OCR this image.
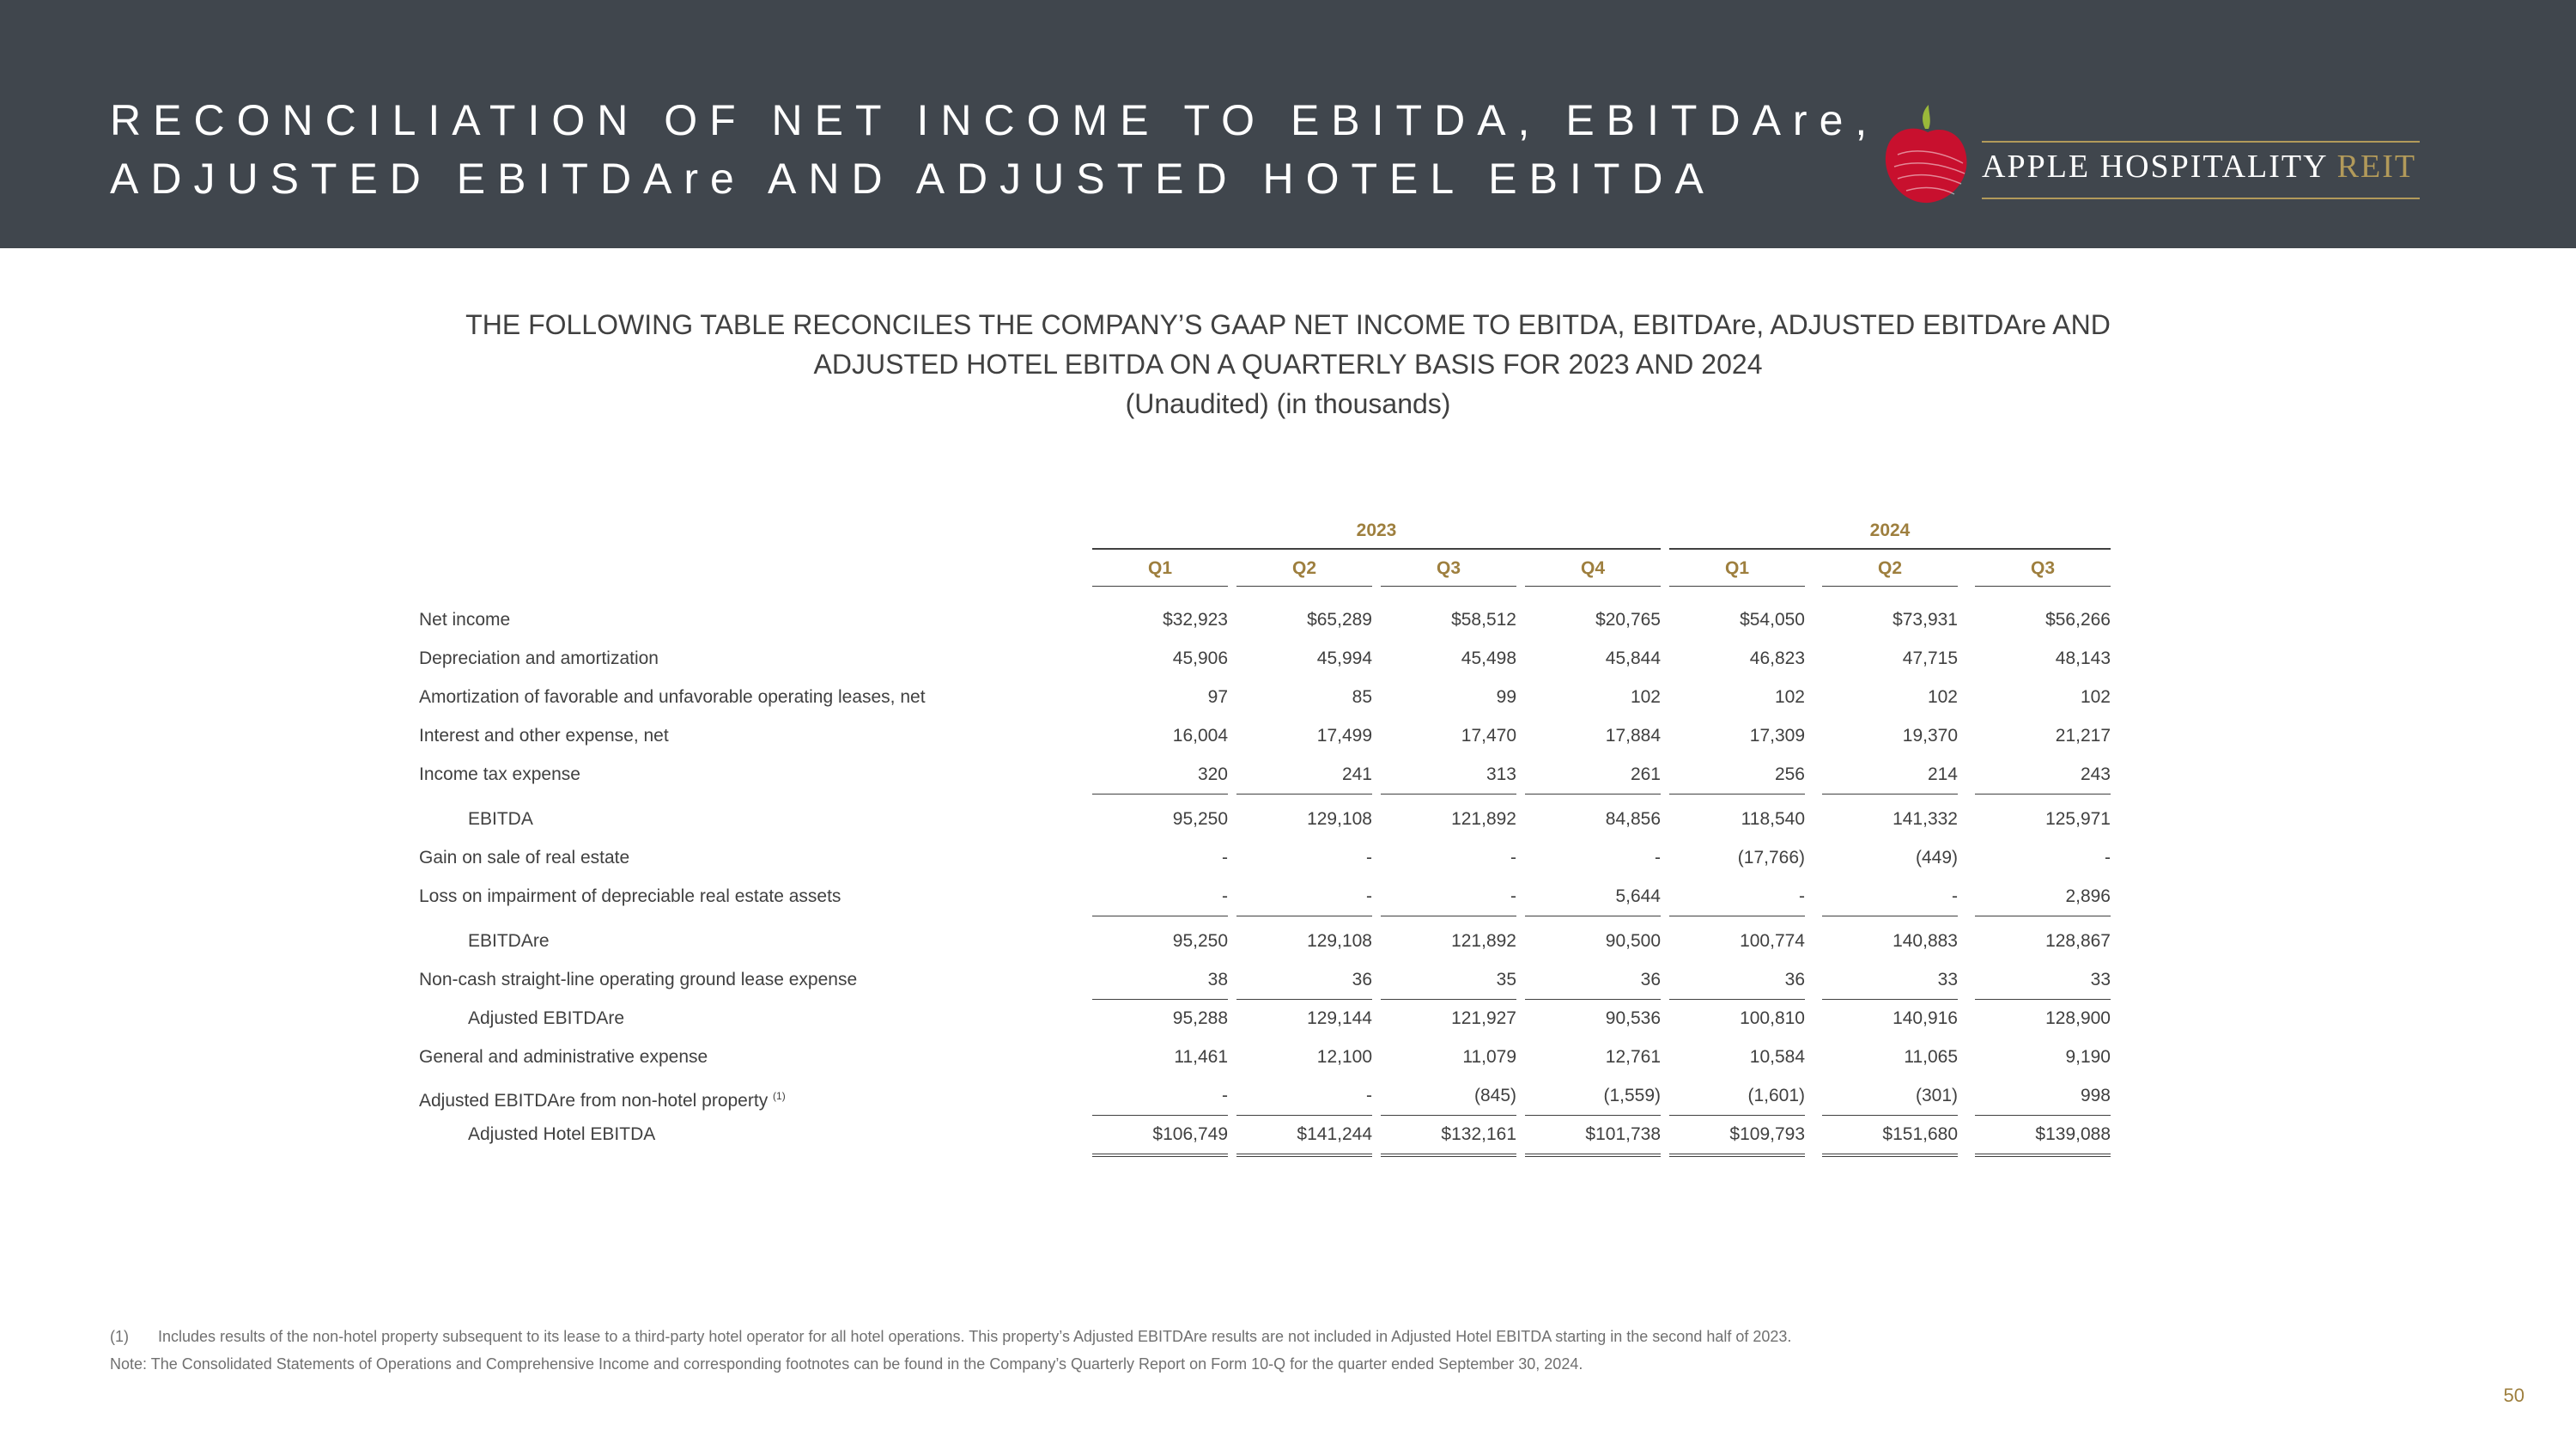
RECONCILIATION OF NET INCOME TO EBITDA, EBITDAre,
ADJUSTED EBITDAre AND ADJUSTED HOTEL EBITDA	APPLE HOSPITALITY REIT
THE FOLLOWING TABLE RECONCILES THE COMPANY’S GAAP NET INCOME TO EBITDA, EBITDAre, ADJUSTED EBITDAre AND
ADJUSTED HOTEL EBITDA ON A QUARTERLY BASIS FOR 2023 AND 2024
(Unaudited) (in thousands)
2023	2024
Q1	Q2	Q3	Q4	Q1	Q2	Q3
Net income	$32,923	$65,289	$58,512	$20,765	$54,050	$73,931	$56,266
Depreciation and amortization	45,906	45,994	45,498	45,844	46,823	47,715	48,143
Amortization of favorable and unfavorable operating leases, net	97	85	99	102	102	102	102
Interest and other expense, net	16,004	17,499	17,470	17,884	17,309	19,370	21,217
Income tax expense	320	241	313	261	256	214	243
EBITDA	95,250	129,108	121,892	84,856	118,540	141,332	125,971
Gain on sale of real estate	-	-	-	-	(17,766)	(449)	-
Loss on impairment of depreciable real estate assets	-	-	-	5,644	-	-	2,896
EBITDAre	95,250	129,108	121,892	90,500	100,774	140,883	128,867
Non-cash straight-line operating ground lease expense	38	36	35	36	36	33	33
Adjusted EBITDAre	95,288	129,144	121,927	90,536	100,810	140,916	128,900
General and administrative expense	11,461	12,100	11,079	12,761	10,584	11,065	9,190
Adjusted EBITDAre from non-hotel property $^{(1)}$	-	-	(845)	(1,559)	(1,601)	(301)	998
Adjusted Hotel EBITDA	$106,749	$141,244	$132,161	$101,738	$109,793	$151,680	$139,088
(1) Includes results of the non-hotel property subsequent to its lease to a third-party hotel operator for all hotel operations. This property’s Adjusted EBITDAre results are not included in Adjusted Hotel EBITDA starting in the second half of 2023.
Note: The Consolidated Statements of Operations and Comprehensive Income and corresponding footnotes can be found in the Company’s Quarterly Report on Form 10-Q for the quarter ended September 30, 2024.
50
